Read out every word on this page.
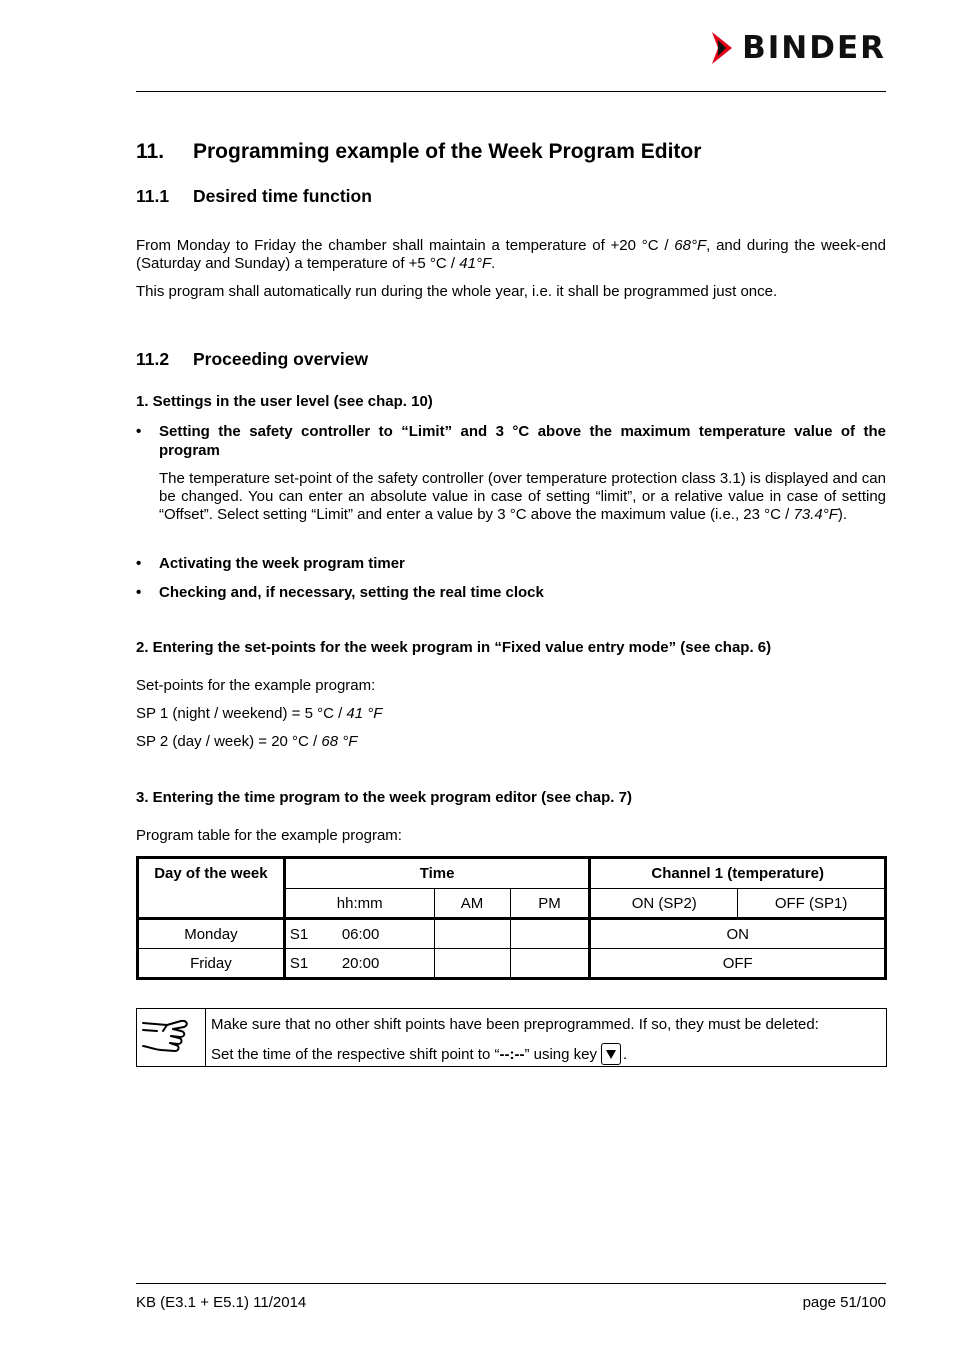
BINDER
11. Programming example of the Week Program Editor
11.1 Desired time function
From Monday to Friday the chamber shall maintain a temperature of +20 °C / 68°F, and during the week-end (Saturday and Sunday) a temperature of +5 °C / 41°F.
This program shall automatically run during the whole year, i.e. it shall be programmed just once.
11.2 Proceeding overview
1. Settings in the user level (see chap. 10)
•	Setting the safety controller to “Limit” and 3 °C above the maximum temperature value of the program
The temperature set-point of the safety controller (over temperature protection class 3.1) is displayed and can be changed. You can enter an absolute value in case of setting “limit”, or a relative value in case of setting “Offset”. Select setting “Limit” and enter a value by 3 °C above the maximum value (i.e., 23 °C / 73.4°F).
•	Activating the week program timer
•	Checking and, if necessary, setting the real time clock
2. Entering the set-points for the week program in “Fixed value entry mode” (see chap. 6)
Set-points for the example program:
SP 1 (night / weekend) = 5 °C / 41 °F
SP 2 (day / week) = 20 °C / 68 °F
3. Entering the time program to the week program editor (see chap. 7)
Program table for the example program:
Day of the week	Time			Channel 1 (temperature)	
	hh:mm	AM	PM	ON (SP2)	OFF (SP1)
Monday	S1 06:00			ON	
Friday	S1 20:00			OFF	
Make sure that no other shift points have been preprogrammed. If so, they must be deleted:
Set the time of the respective shift point to “ --:-- ” using key .
KB (E3.1 + E5.1) 11/2014	page 51/100
